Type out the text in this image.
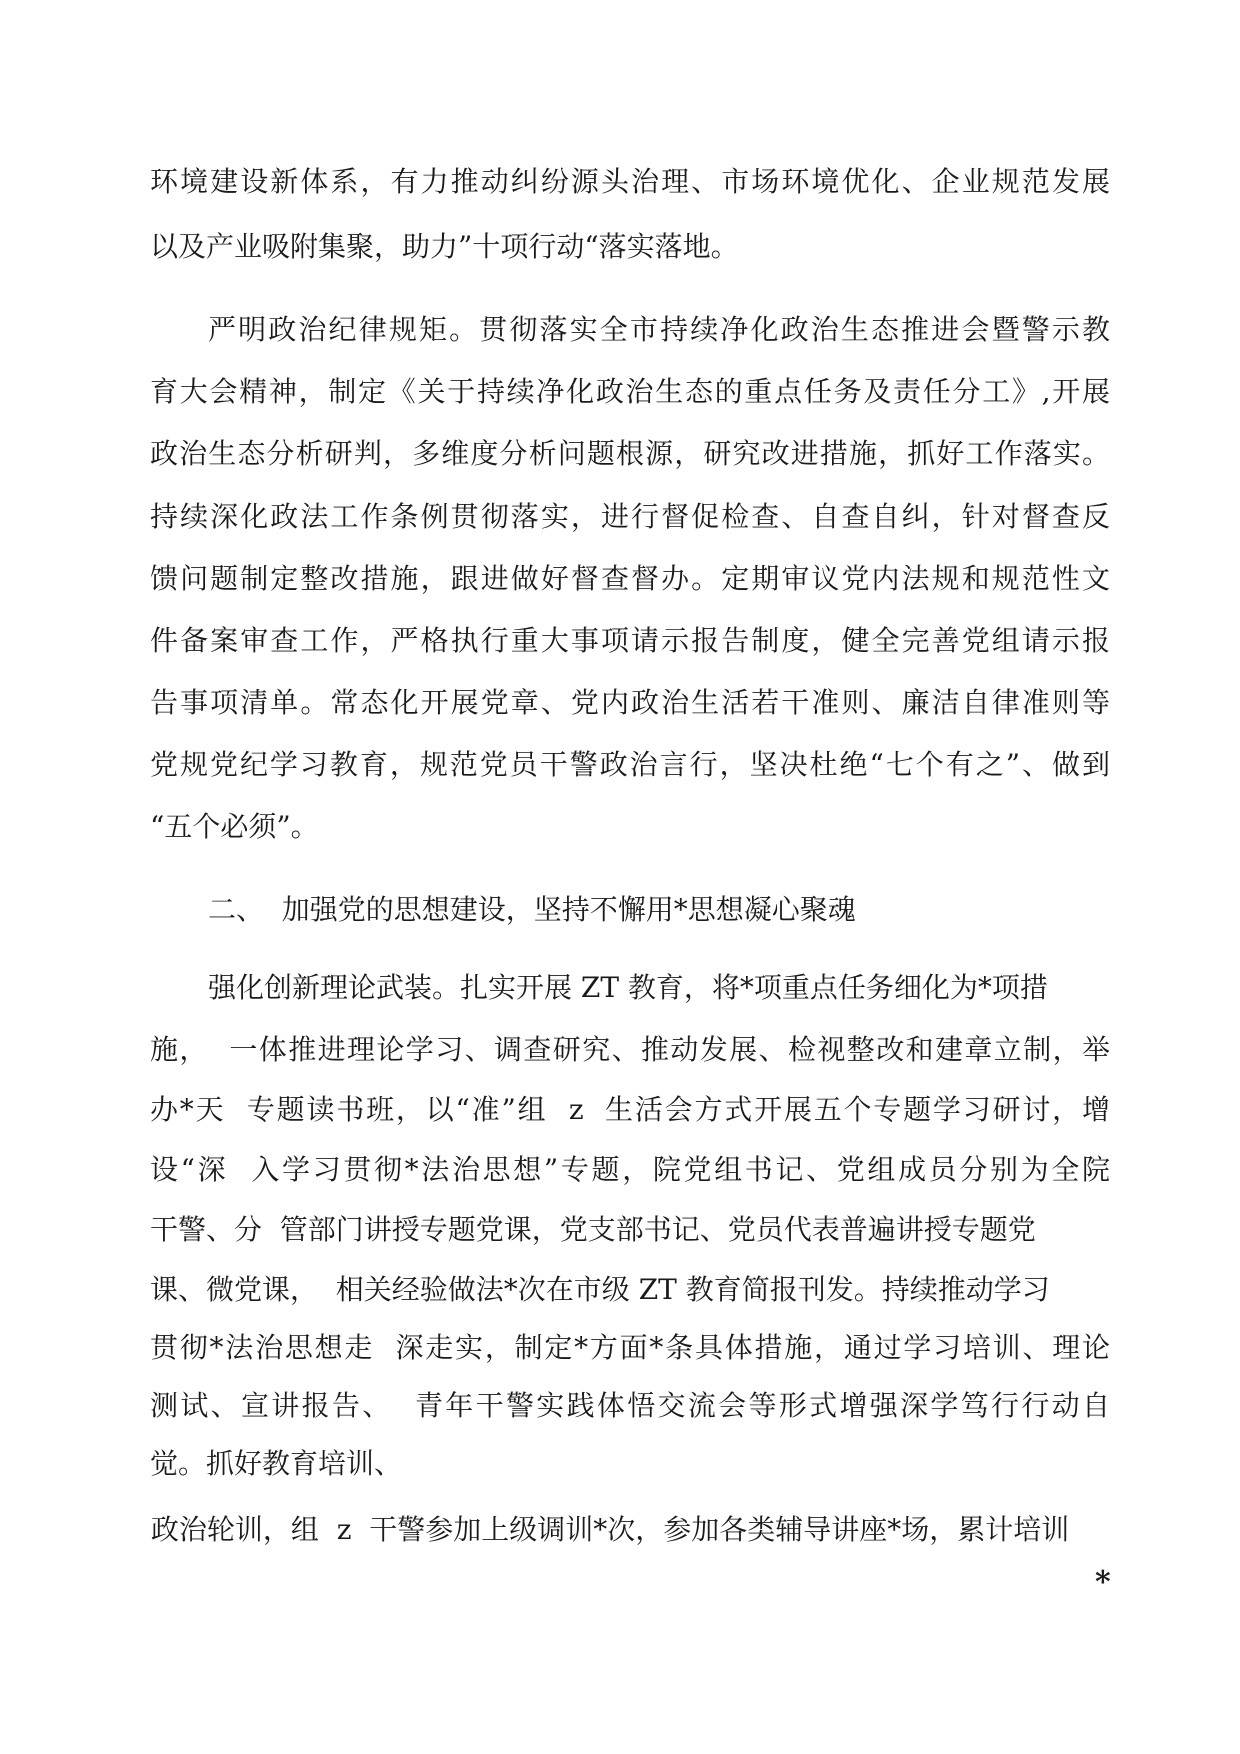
环境建设新体系，有力推动纠纷源头治理、市场环境优化、企业规范发展
以及产业吸附集聚，助力”十项行动“落实落地。
严明政治纪律规矩。贯彻落实全市持续净化政治生态推进会暨警示教
育大会精神，制定《关于持续净化政治生态的重点任务及责任分工》,开展
政治生态分析研判，多维度分析问题根源，研究改进措施，抓好工作落实。
持续深化政法工作条例贯彻落实，进行督促检查、自查自纠，针对督查反
馈问题制定整改措施，跟进做好督查督办。定期审议党内法规和规范性文
件备案审查工作，严格执行重大事项请示报告制度，健全完善党组请示报
告事项清单。常态化开展党章、党内政治生活若干准则、廉洁自律准则等
党规党纪学习教育，规范党员干警政治言行，坚决杜绝“七个有之”、做到
“五个必须”。
二、  加强党的思想建设，坚持不懈用*思想凝心聚魂
强化创新理论武装。扎实开展 ZT 教育，将*项重点任务细化为*项措
施，  一体推进理论学习、调查研究、推动发展、检视整改和建章立制，举
办*天  专题读书班，以“准”组  z  生活会方式开展五个专题学习研讨，增
设“深  入学习贯彻*法治思想”专题，院党组书记、党组成员分别为全院
干警、分  管部门讲授专题党课，党支部书记、党员代表普遍讲授专题党
课、微党课，  相关经验做法*次在市级 ZT 教育简报刊发。持续推动学习
贯彻*法治思想走  深走实，制定*方面*条具体措施，通过学习培训、理论
测试、宣讲报告、  青年干警实践体悟交流会等形式增强深学笃行行动自
觉。抓好教育培训、
政治轮训，组  z  干警参加上级调训*次，参加各类辅导讲座*场，累计培训
*
